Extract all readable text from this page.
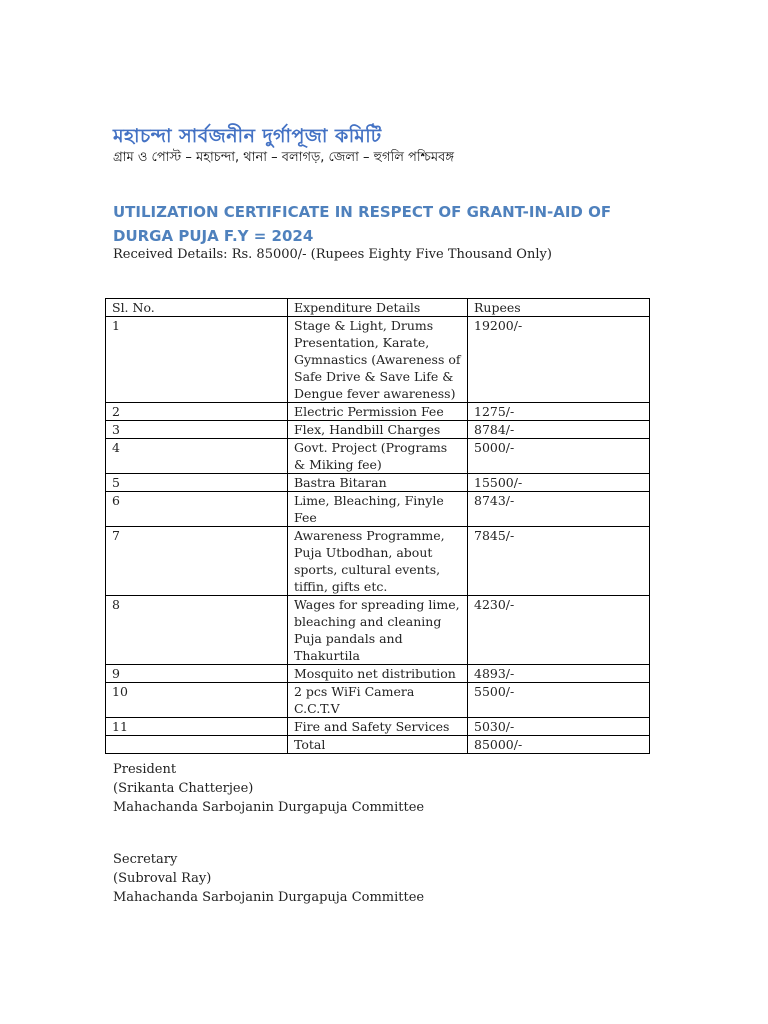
মহাচন্দা সার্বজনীন দুর্গাপূজা কমিটি
গ্রাম ও পোস্ট – মহাচন্দা, থানা – বলাগড়, জেলা – হুগলি পশ্চিমবঙ্গ
UTILIZATION CERTIFICATE IN RESPECT OF GRANT-IN-AID OF DURGA PUJA F.Y = 2024
Received Details: Rs. 85000/- (Rupees Eighty Five Thousand Only)
Sl. No.	Expenditure Details	Rupees
1	Stage & Light, Drums Presentation, Karate, Gymnastics (Awareness of Safe Drive & Save Life & Dengue fever awareness)	19200/-
2	Electric Permission Fee	1275/-
3	Flex, Handbill Charges	8784/-
4	Govt. Project (Programs & Miking fee)	5000/-
5	Bastra Bitaran	15500/-
6	Lime, Bleaching, Finyle Fee	8743/-
7	Awareness Programme, Puja Utbodhan, about sports, cultural events, tiffin, gifts etc.	7845/-
8	Wages for spreading lime, bleaching and cleaning Puja pandals and Thakurtila	4230/-
9	Mosquito net distribution	4893/-
10	2 pcs WiFi Camera C.C.T.V	5500/-
11	Fire and Safety Services	5030/-
	Total	85000/-
President
(Srikanta Chatterjee)
Mahachanda Sarbojanin Durgapuja Committee
Secretary
(Subroval Ray)
Mahachanda Sarbojanin Durgapuja Committee
